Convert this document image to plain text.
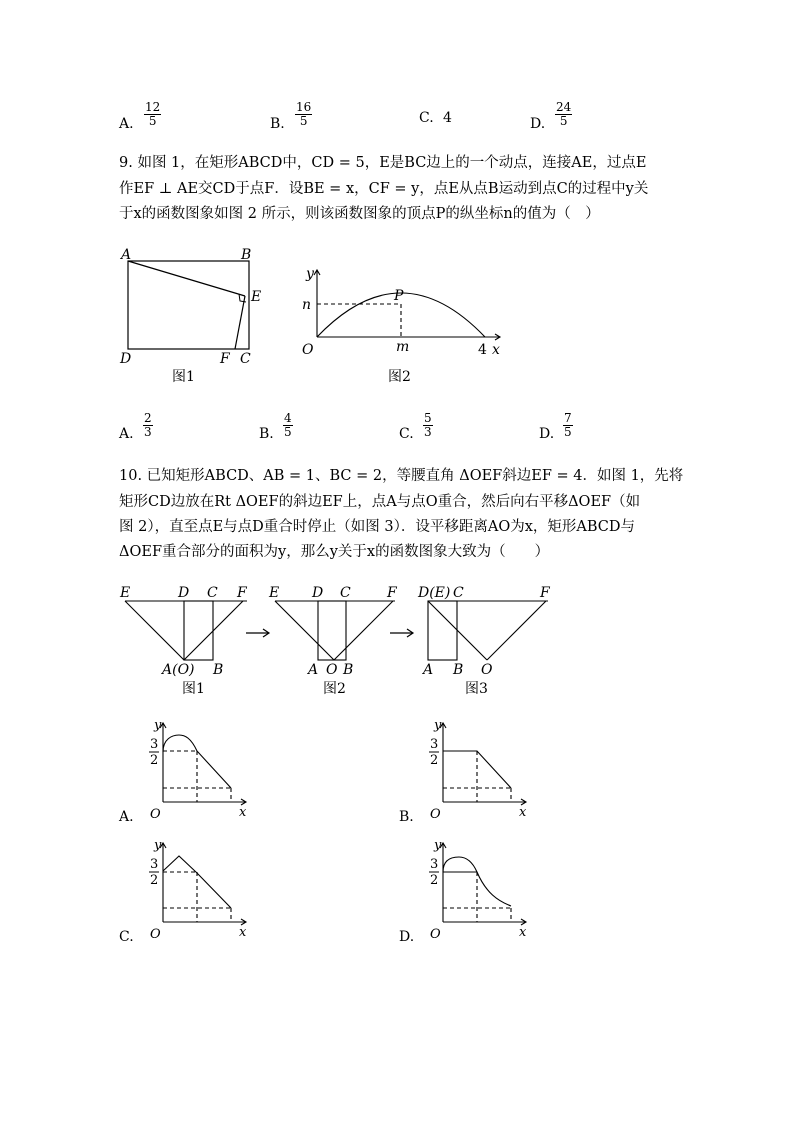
A. $\frac{12}{5}$	B. $\frac{16}{5}$	C. 4	D. $\frac{24}{5}$
9. 如图 1，在矩形ABCD中，CD = 5，E是BC边上的一个动点，连接AE，过点E
作EF ⊥ AE交CD于点F．设BE = x，CF = y，点E从点B运动到点C的过程中y关
于x的函数图象如图 2 所示，则该函数图象的顶点P的纵坐标n的值为（　）
A	B
E
D	F C
图1
y
n
P
O	m	4 x
图2
A. $\frac{2}{3}$	B. $\frac{4}{5}$	C. $\frac{5}{3}$	D. $\frac{7}{5}$
10. 已知矩形ABCD、AB = 1、BC = 2，等腰直角 ΔOEF斜边EF = 4．如图 1，先将
矩形CD边放在Rt ΔOEF的斜边EF上，点A与点O重合，然后向右平移ΔOEF（如
图 2），直至点E与点D重合时停止（如图 3）．设平移距离AO为x，矩形ABCD与
ΔOEF重合部分的面积为y，那么y关于x的函数图象大致为（　　）
E	D C F
A(O) B
图1
E D C	F
A O B
图2
D(E) C	F
A B O
图3
A.
y
3
2
O	x	B.
y
3
2
O	x
C.
y
3
2
O	x	D.
y
3
2
O	x
